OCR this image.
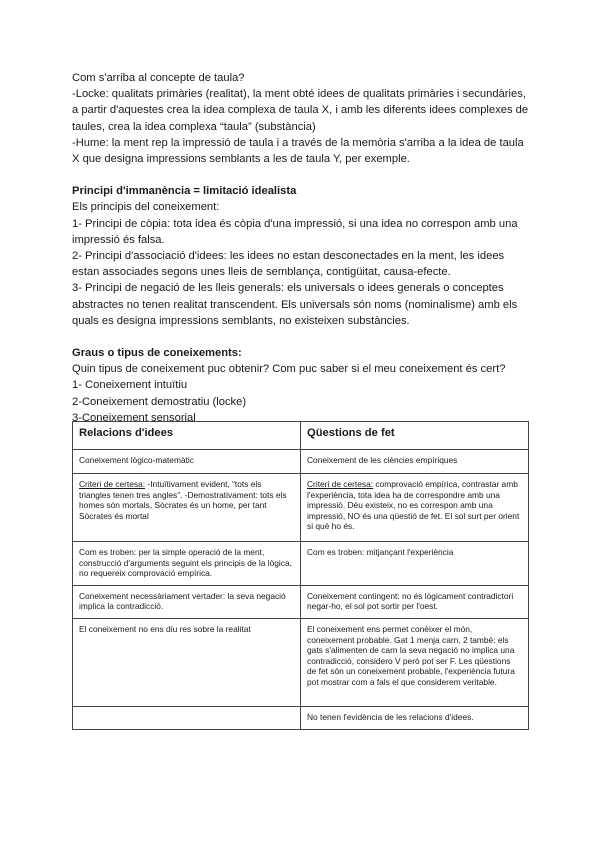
Com s'arriba al concepte de taula?

-Locke: qualitats primàries (realitat), la ment obté idees de qualitats primàries i secundàries, a partir d'aquestes crea la idea complexa de taula X, i amb les diferents idees complexes de taules, crea la idea complexa “taula” (substància)

-Hume: la ment rep la impressió de taula i a través de la memòria s'arriba a la idea de taula X que designa impressions semblants a les de taula Y, per exemple.

Principi d'immanència = limitació idealista

Els principis del coneixement:

1- Principi de còpia: tota idea és còpia d'una impressió, si una idea no correspon amb una impressió és falsa.

2- Principi d'associació d'idees: les idees no estan desconectades en la ment, les idees estan associades segons unes lleis de semblança, contigüitat, causa-efecte.

3- Principi de negació de les lleis generals: els universals o idees generals o conceptes abstractes no tenen realitat transcendent. Els universals són noms (nominalisme) amb els quals es designa impressions semblants, no existeixen substàncies.

Graus o tipus de coneixements:

Quin tipus de coneixement puc obtenir? Com puc saber si el meu coneixement és cert?

1- Coneixement intuïtiu

2-Coneixement demostratiu (locke)

3-Coneixement sensorial

Relacions d'idees	Qüestions de fet
Coneixement lògico-matemàtic	Coneixement de les ciències empíriques
Criteri de certesa: -Intuïtivament evident, “tots els triangles tenen tres angles”. -Demostrativament: tots els homes són mortals, Sòcrates és un home, per tant Sòcrates és mortal	Criteri de certesa: comprovació empírica, contrastar amb l'experiència, tota idea ha de correspondre amb una impressió. Déu existeix, no es correspon amb una impressió, NO és una qüestió de fet. El sol surt per orient si què ho és.
Com es troben: per la simple operació de la ment, construcció d'arguments seguint els principis de la lògica, no requereix comprovació empírica.	Com es troben: mitjançant l'experiència
Coneixement necessàriament vertader: la seva negació implica la contradicció.	Coneixement contingent: no és lògicament contradictori negar-ho, el sol pot sortir per l'oest.
El coneixement no ens diu res sobre la realitat	El coneixement ens permet conèixer el món, coneixement probable. Gat 1 menja carn, 2 també: els gats s'alimenten de carn la seva negació no implica una contradicció, considero V però pot ser F. Les qüestions de fet són un coneixement probable, l'experiència futura pot mostrar com a fals el que considerem veritable.
	No tenen l'evidència de les relacions d'idees.
